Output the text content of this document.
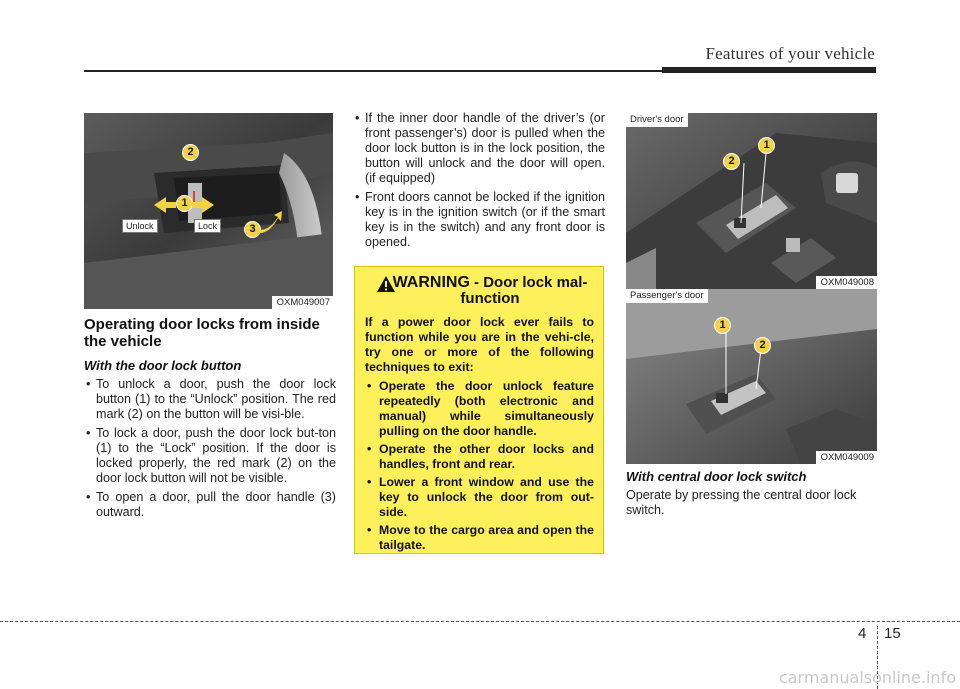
Features of your vehicle
2
1
3
Unlock	Lock
OXM049007
Operating door locks from inside the vehicle
With the door lock button
• To unlock a door, push the door lock button (1) to the “Unlock” position. The red mark (2) on the button will be visi-ble.
• To lock a door, push the door lock but-ton (1) to the “Lock” position. If the door is locked properly, the red mark (2) on the door lock button will not be visible.
• To open a door, pull the door handle (3) outward.
• If the inner door handle of the driver’s (or front passenger’s) door is pulled when the door lock button is in the lock position, the button will unlock and the door will open. (if equipped)
• Front doors cannot be locked if the ignition key is in the ignition switch (or if the smart key is in the switch) and any front door is opened.
WARNING - Door lock mal-function
If a power door lock ever fails to function while you are in the vehi-cle, try one or more of the following techniques to exit:
• Operate the door unlock feature repeatedly (both electronic and manual) while simultaneously pulling on the door handle.
• Operate the other door locks and handles, front and rear.
• Lower a front window and use the key to unlock the door from out-side.
• Move to the cargo area and open the tailgate.
1
2
Driver's door
OXM049008
1
2
Passenger's door
OXM049009
With central door lock switch
Operate by pressing the central door lock switch.
4 15
carmanualsonline.info
